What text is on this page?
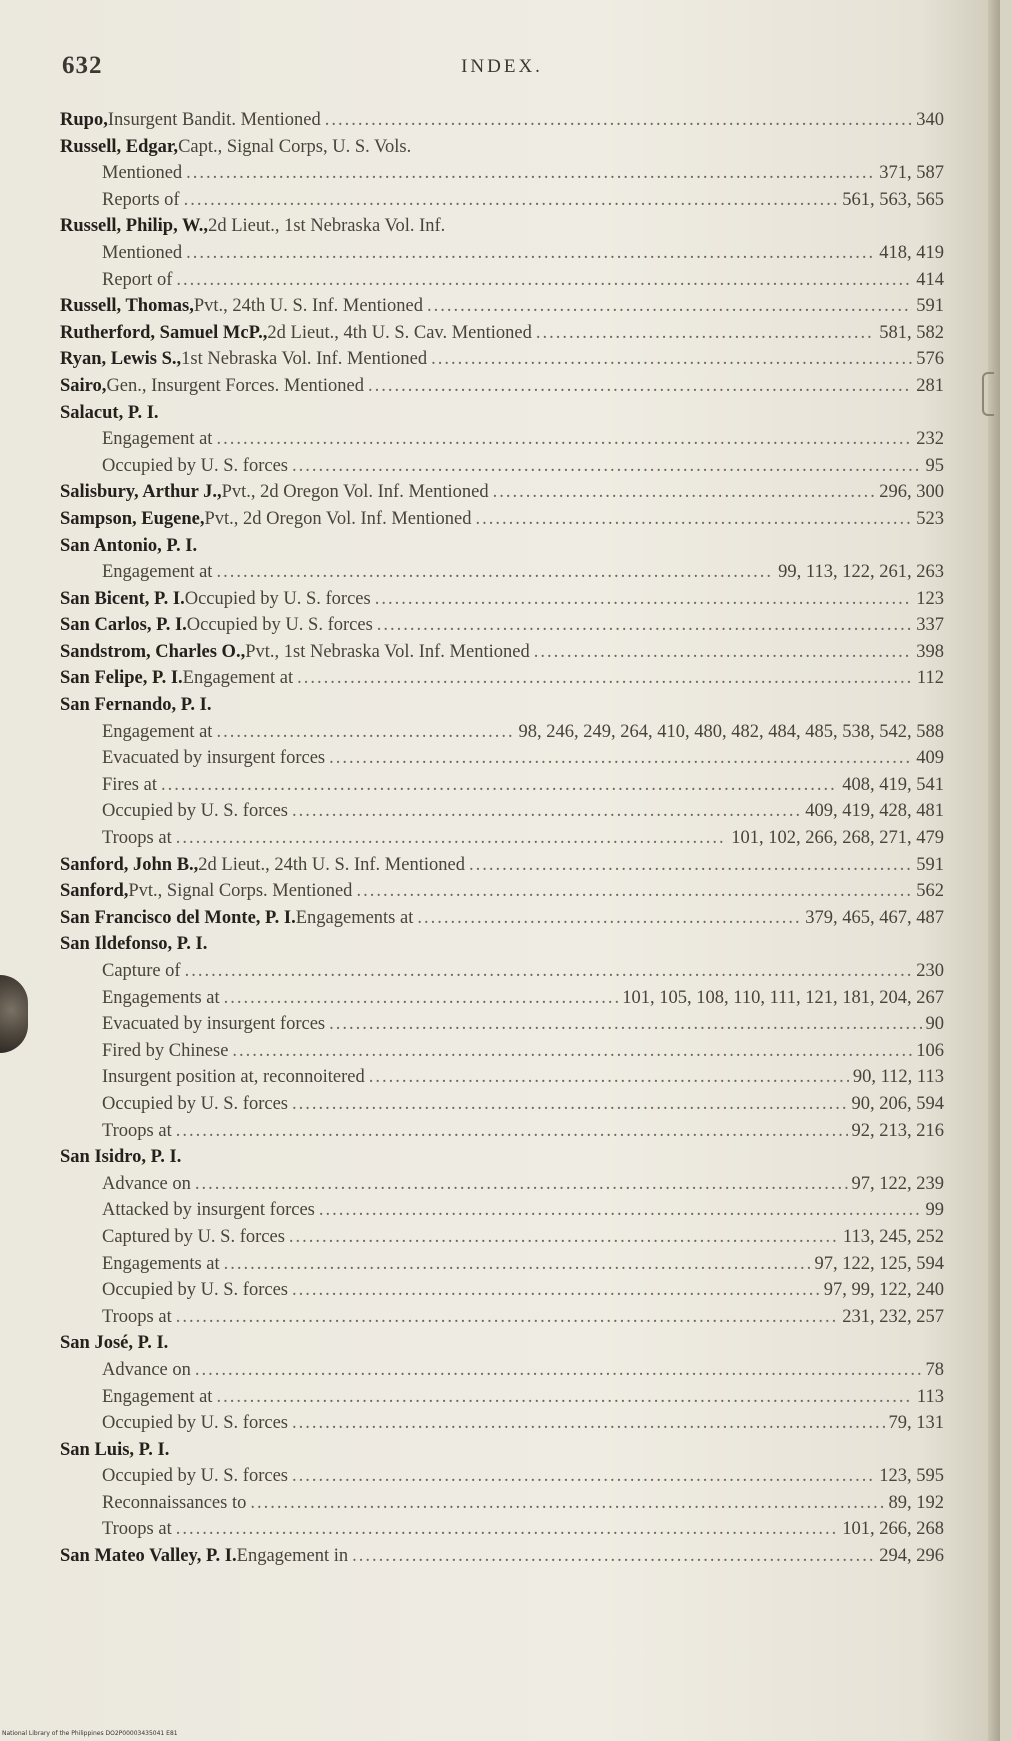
632	INDEX.
Rupo, Insurgent Bandit. Mentioned .....	340
Russell, Edgar, Capt., Signal Corps, U. S. Vols.
Mentioned .....	371, 587
Reports of .....	561, 563, 565
Russell, Philip, W., 2d Lieut., 1st Nebraska Vol. Inf.
Mentioned .....	418, 419
Report of .....	414
Russell, Thomas, Pvt., 24th U. S. Inf. Mentioned .....	591
Rutherford, Samuel McP., 2d Lieut., 4th U. S. Cav. Mentioned .....	581, 582
Ryan, Lewis S., 1st Nebraska Vol. Inf. Mentioned .....	576
Sairo, Gen., Insurgent Forces. Mentioned .....	281
Salacut, P. I.
Engagement at .....	232
Occupied by U. S. forces .....	95
Salisbury, Arthur J., Pvt., 2d Oregon Vol. Inf. Mentioned .....	296, 300
Sampson, Eugene, Pvt., 2d Oregon Vol. Inf. Mentioned .....	523
San Antonio, P. I.
Engagement at .....	99, 113, 122, 261, 263
San Bicent, P. I. Occupied by U. S. forces .....	123
San Carlos, P. I. Occupied by U. S. forces .....	337
Sandstrom, Charles O., Pvt., 1st Nebraska Vol. Inf. Mentioned .....	398
San Felipe, P. I. Engagement at .....	112
San Fernando, P. I.
Engagement at .....	98, 246, 249, 264, 410, 480, 482, 484, 485, 538, 542, 588
Evacuated by insurgent forces .....	409
Fires at .....	408, 419, 541
Occupied by U. S. forces .....	409, 419, 428, 481
Troops at .....	101, 102, 266, 268, 271, 479
Sanford, John B., 2d Lieut., 24th U. S. Inf. Mentioned .....	591
Sanford, Pvt., Signal Corps. Mentioned .....	562
San Francisco del Monte, P. I. Engagements at .....	379, 465, 467, 487
San Ildefonso, P. I.
Capture of .....	230
Engagements at .....	101, 105, 108, 110, 111, 121, 181, 204, 267
Evacuated by insurgent forces .....	90
Fired by Chinese .....	106
Insurgent position at, reconnoitered .....	90, 112, 113
Occupied by U. S. forces .....	90, 206, 594
Troops at .....	92, 213, 216
San Isidro, P. I.
Advance on .....	97, 122, 239
Attacked by insurgent forces .....	99
Captured by U. S. forces .....	113, 245, 252
Engagements at .....	97, 122, 125, 594
Occupied by U. S. forces .....	97, 99, 122, 240
Troops at .....	231, 232, 257
San José, P. I.
Advance on .....	78
Engagement at .....	113
Occupied by U. S. forces .....	79, 131
San Luis, P. I.
Occupied by U. S. forces .....	123, 595
Reconnaissances to .....	89, 192
Troops at .....	101, 266, 268
San Mateo Valley, P. I. Engagement in .....	294, 296
National Library of the Philippines DO2P00003435041 E81
